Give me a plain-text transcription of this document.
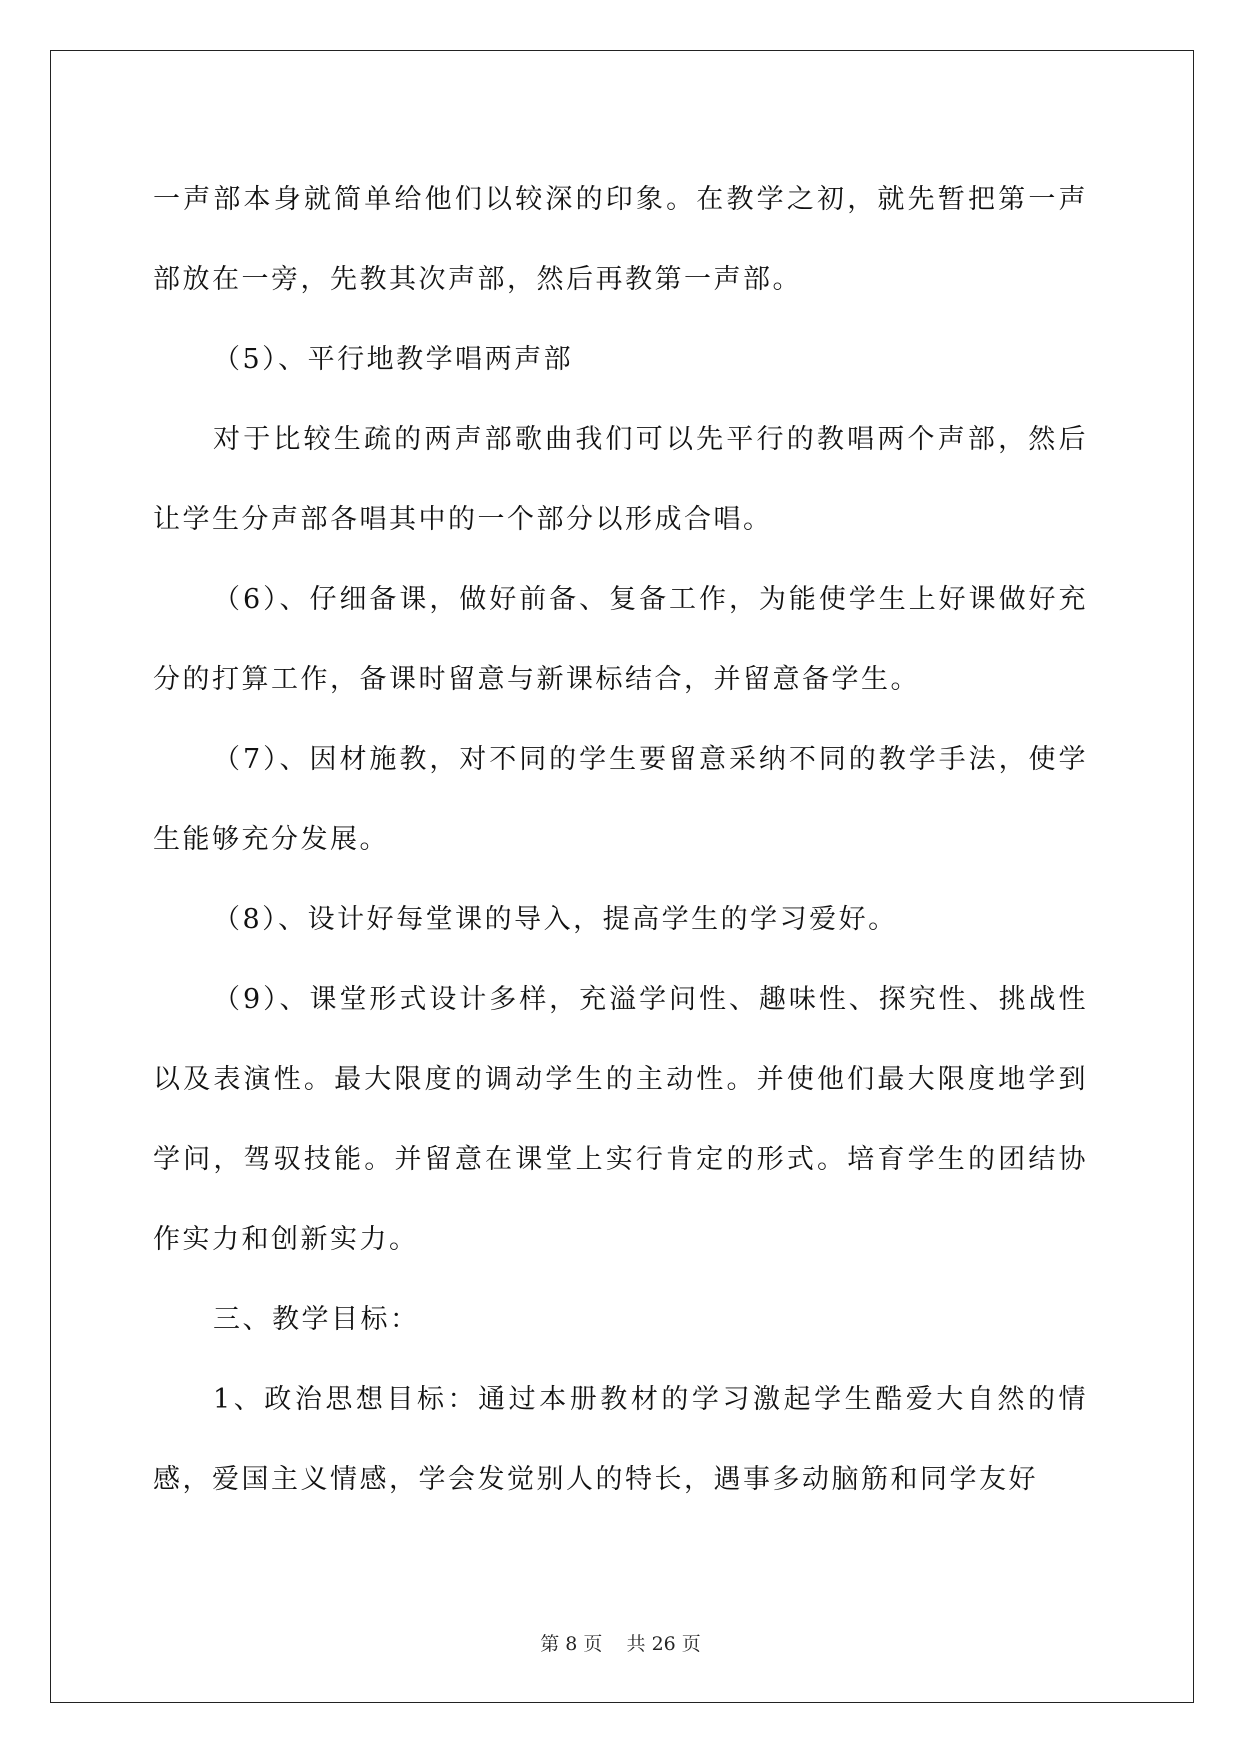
一声部本身就简单给他们以较深的印象。在教学之初，就先暂把第一声部放在一旁，先教其次声部，然后再教第一声部。

（5）、平行地教学唱两声部

对于比较生疏的两声部歌曲我们可以先平行的教唱两个声部，然后让学生分声部各唱其中的一个部分以形成合唱。

（6）、仔细备课，做好前备、复备工作，为能使学生上好课做好充分的打算工作，备课时留意与新课标结合，并留意备学生。

（7）、因材施教，对不同的学生要留意采纳不同的教学手法，使学生能够充分发展。

（8）、设计好每堂课的导入，提高学生的学习爱好。

（9）、课堂形式设计多样，充溢学问性、趣味性、探究性、挑战性以及表演性。最大限度的调动学生的主动性。并使他们最大限度地学到学问，驾驭技能。并留意在课堂上实行肯定的形式。培育学生的团结协作实力和创新实力。

三、教学目标：

1、政治思想目标：通过本册教材的学习激起学生酷爱大自然的情感，爱国主义情感，学会发觉别人的特长，遇事多动脑筋和同学友好

第 8 页 共 26 页
